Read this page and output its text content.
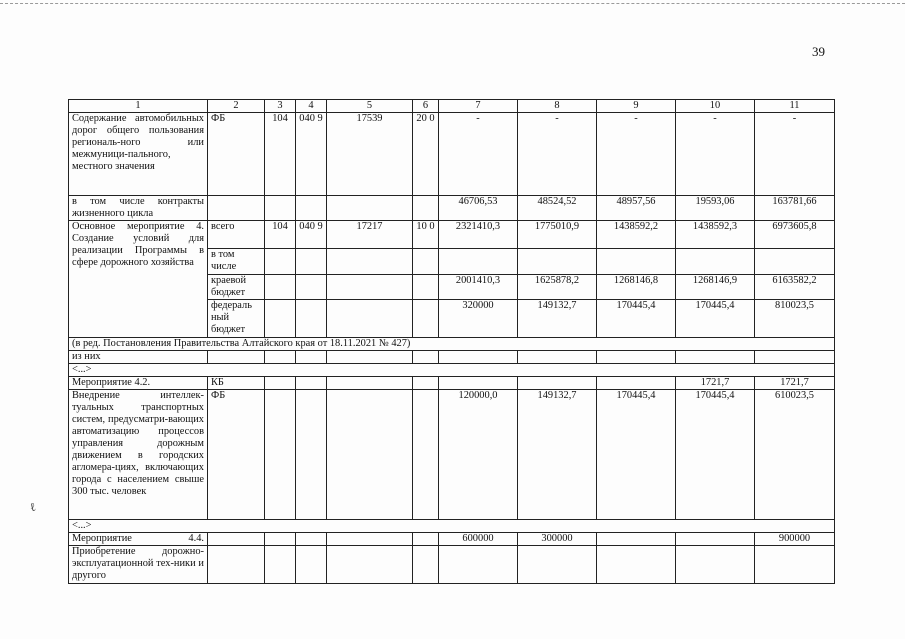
39
ℓ
1	2	3	4	5	6	7	8	9	10	11
Содержание автомобильных дорог общего пользования региональ-ного или межмуници-пального, местного значения	ФБ	104	040 9	17539	20 0	-	-	-	-	-
в том числе контракты жизненного цикла						46706,53	48524,52	48957,56	19593,06	163781,66
Основное мероприятие 4. Создание условий для реализации Программы в сфере дорожного хозяйства	всего	104	040 9	17217	10 0	2321410,3	1775010,9	1438592,2	1438592,3	6973605,8
	в том числе									
	краевой бюджет					2001410,3	1625878,2	1268146,8	1268146,9	6163582,2
	федераль ный бюджет					320000	149132,7	170445,4	170445,4	810023,5
(в ред. Постановления Правительства Алтайского края от 18.11.2021 № 427)										
из них										
<...>										
Мероприятие 4.2.	КБ								1721,7	1721,7
Внедрение интеллек-туальных транспортных систем, предусматри-вающих автоматизацию процессов управления дорожным движением в городских агломера-циях, включающих города с населением свыше 300 тыс. человек	ФБ					120000,0	149132,7	170445,4	170445,4	610023,5
<...>										
Мероприятие 4.4.						600000	300000			900000
Приобретение дорожно-эксплуатационной тех-ники и другого										
